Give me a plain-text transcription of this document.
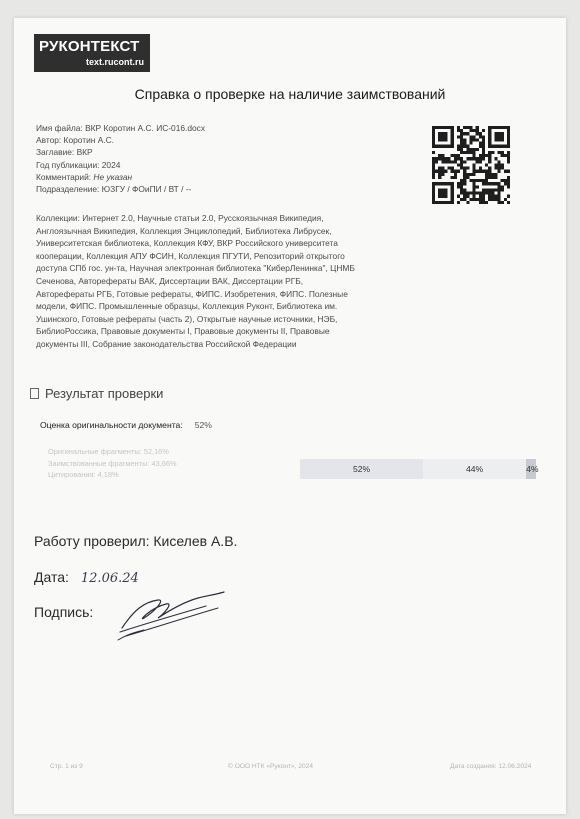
РУКОНТЕКСТ
text.rucont.ru
Справка о проверке на наличие заимствований
Имя файла: ВКР Коротин А.С. ИС-016.docx
Автор: Коротин А.С.
Заглавие: ВКР
Год публикации: 2024
Комментарий: Не указан
Подразделение: ЮЗГУ / ФОиПИ / ВТ / --
Коллекции: Интернет 2.0, Научные статьи 2.0, Русскоязычная Википедия,
Англоязычная Википедия, Коллекция Энциклопедий, Библиотека Либрусек,
Университетская библиотека, Коллекция КФУ, ВКР Российского университета
кооперации, Коллекция АПУ ФСИН, Коллекция ПГУТИ, Репозиторий открытого
доступа СПб гос. ун-та, Научная электронная библиотека "КиберЛенинка", ЦНМБ
Сеченова, Авторефераты ВАК, Диссертации ВАК, Диссертации РГБ,
Авторефераты РГБ, Готовые рефераты, ФИПС. Изобретения, ФИПС. Полезные
модели, ФИПС. Промышленные образцы, Коллекция Руконт, Библиотека им.
Ушинского, Готовые рефераты (часть 2), Открытые научные источники, НЭБ,
БиблиоРоссика, Правовые документы I, Правовые документы II, Правовые
документы III, Собрание законодательства Российской Федерации
Результат проверки
Оценка оригинальности документа: 52%
Оригинальные фрагменты: 52,16%
Заимствованные фрагменты: 43,66%
Цитирования: 4,18%
52%	44%	4%
Работу проверил: Киселев А.В.
Дата: 12.06.24
Подпись:
Стр. 1 из 9	© ООО НТК «Руконт», 2024	Дата создания: 12.06.2024
